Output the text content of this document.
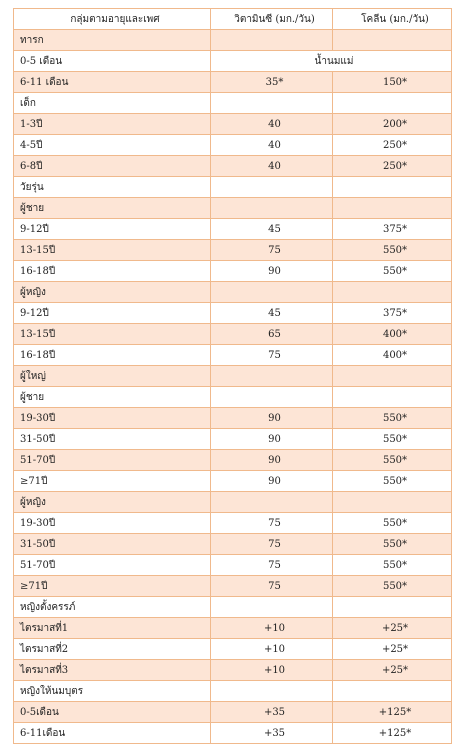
กลุ่มตามอายุและเพศ	วิตามินซี (มก./วัน)	โคลีน (มก./วัน)
ทารก		
0-5 เดือน	น้ำนมแม่	
6-11 เดือน	35*	150*
เด็ก		
1-3ปี	40	200*
4-5ปี	40	250*
6-8ปี	40	250*
วัยรุ่น		
ผู้ชาย		
9-12ปี	45	375*
13-15ปี	75	550*
16-18ปี	90	550*
ผู้หญิง		
9-12ปี	45	375*
13-15ปี	65	400*
16-18ปี	75	400*
ผู้ใหญ่		
ผู้ชาย		
19-30ปี	90	550*
31-50ปี	90	550*
51-70ปี	90	550*
≥71ปี	90	550*
ผู้หญิง		
19-30ปี	75	550*
31-50ปี	75	550*
51-70ปี	75	550*
≥71ปี	75	550*
หญิงตั้งครรภ์		
ไตรมาสที่1	+10	+25*
ไตรมาสที่2	+10	+25*
ไตรมาสที่3	+10	+25*
หญิงให้นมบุตร		
0-5เดือน	+35	+125*
6-11เดือน	+35	+125*
